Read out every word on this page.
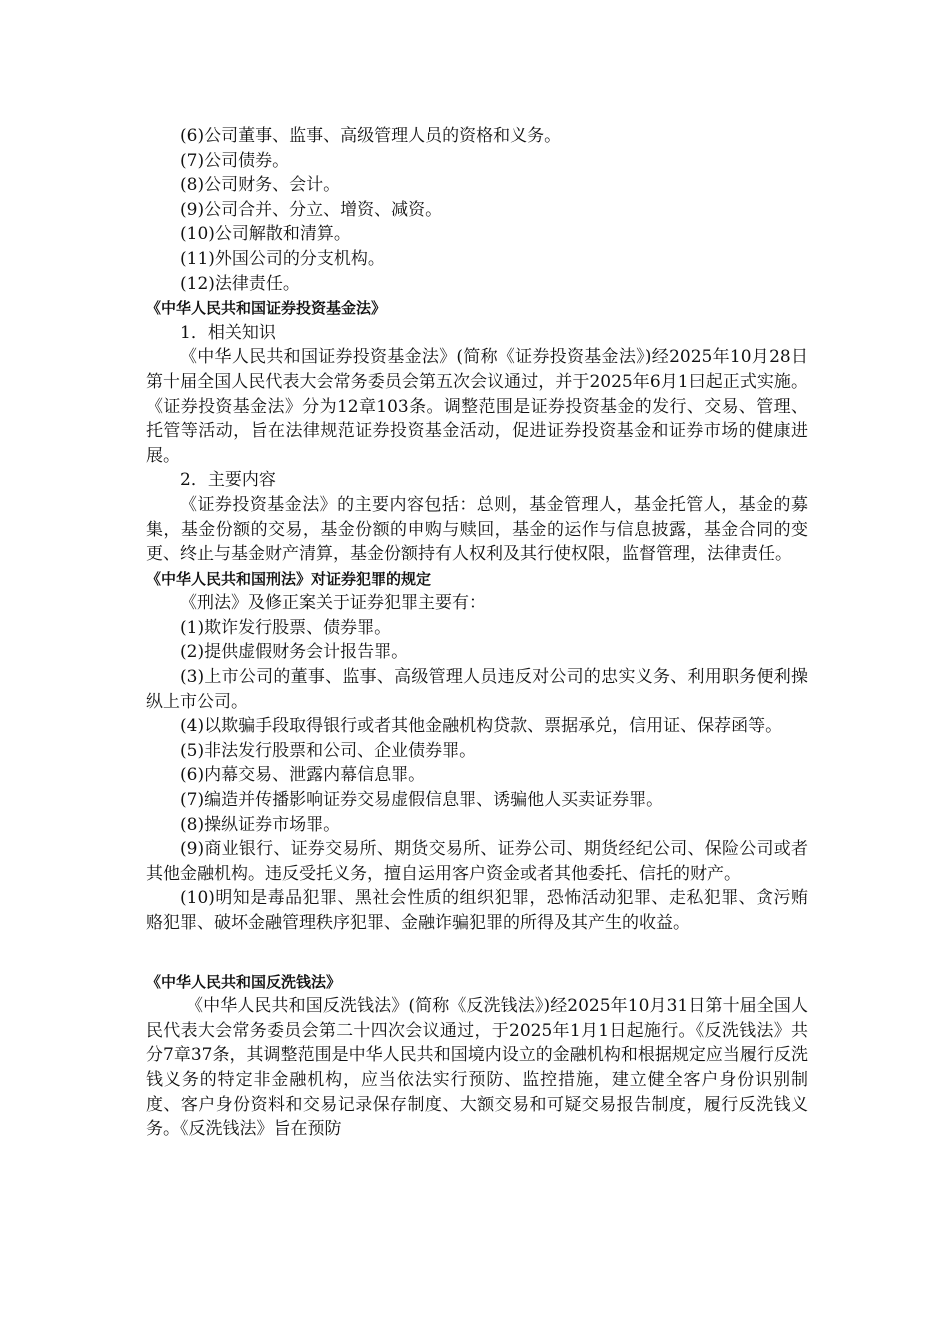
(6)公司董事、监事、高级管理人员的资格和义务。

(7)公司债券。

(8)公司财务、会计。

(9)公司合并、分立、增资、减资。

(10)公司解散和清算。

(11)外国公司的分支机构。

(12)法律责任。

《中华人民共和国证券投资基金法》

1．相关知识

《中华人民共和国证券投资基金法》(简称《证券投资基金法》)经2025年10月28日第十届全国人民代表大会常务委员会第五次会议通过，并于2025年6月1曰起正式实施。《证券投资基金法》分为12章103条。调整范围是证券投资基金的发行、交易、管理、托管等活动，旨在法律规范证券投资基金活动，促进证券投资基金和证券市场的健康进展。

2．主要内容

《证券投资基金法》的主要内容包括：总则，基金管理人，基金托管人，基金的募集，基金份额的交易，基金份额的申购与赎回，基金的运作与信息披露，基金合同的变更、终止与基金财产清算，基金份额持有人权利及其行使权限，监督管理，法律责任。

《中华人民共和国刑法》对证券犯罪的规定

《刑法》及修正案关于证券犯罪主要有：

(1)欺诈发行股票、债券罪。

(2)提供虚假财务会计报告罪。

(3)上市公司的董事、监事、高级管理人员违反对公司的忠实义务、利用职务便利操纵上市公司。

(4)以欺骗手段取得银行或者其他金融机构贷款、票据承兑，信用证、保荐函等。

(5)非法发行股票和公司、企业债券罪。

(6)内幕交易、泄露内幕信息罪。

(7)编造并传播影响证券交易虚假信息罪、诱骗他人买卖证券罪。

(8)操纵证券市场罪。

(9)商业银行、证券交易所、期货交易所、证券公司、期货经纪公司、保险公司或者其他金融机构。违反受托义务，擅自运用客户资金或者其他委托、信托的财产。

(10)明知是毒品犯罪、黑社会性质的组织犯罪，恐怖活动犯罪、走私犯罪、贪污贿赂犯罪、破坏金融管理秩序犯罪、金融诈骗犯罪的所得及其产生的收益。

《中华人民共和国反洗钱法》

《中华人民共和国反洗钱法》(简称《反洗钱法》)经2025年10月31日第十届全国人民代表大会常务委员会第二十四次会议通过，于2025年1月1日起施行。《反洗钱法》共分7章37条，其调整范围是中华人民共和国境内设立的金融机构和根据规定应当履行反洗钱义务的特定非金融机构，应当依法实行预防、监控措施，建立健全客户身份识别制度、客户身份资料和交易记录保存制度、大额交易和可疑交易报告制度，履行反洗钱义务。《反洗钱法》旨在预防
